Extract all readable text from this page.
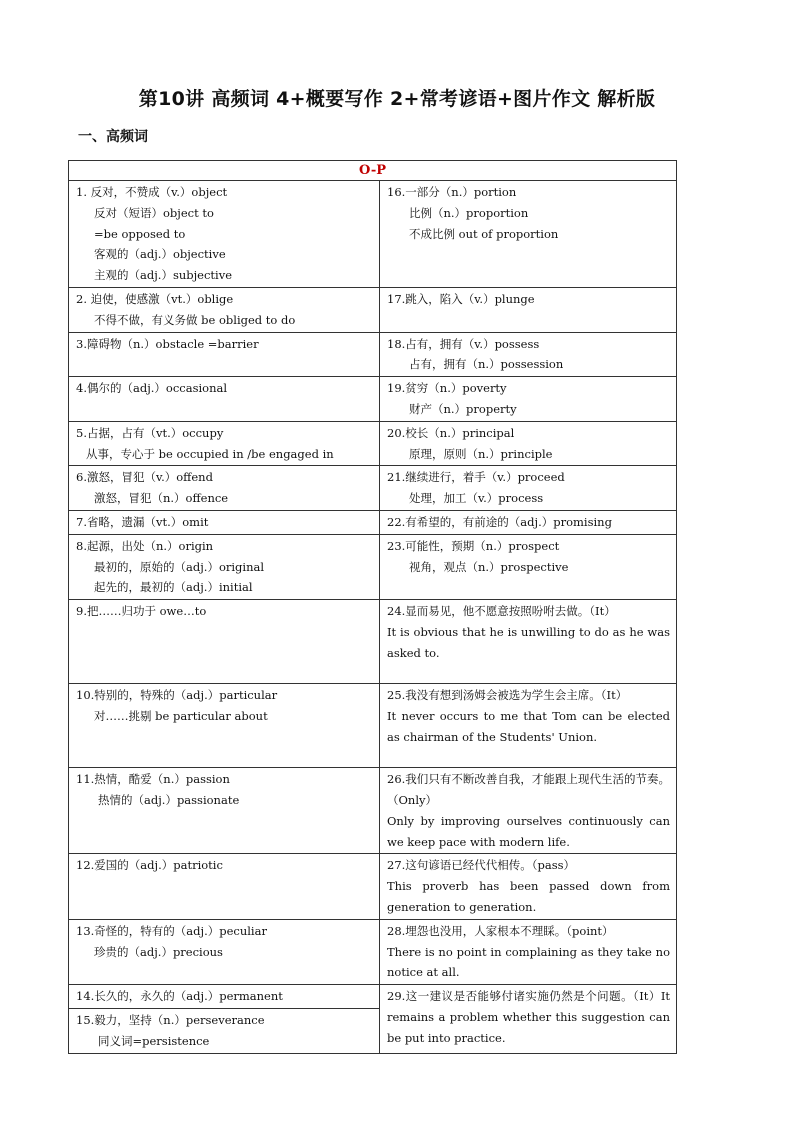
第10讲 高频词 4+概要写作 2+常考谚语+图片作文 解析版
一、高频词
O-P	

1. 反对，不赞成（v.）object
反对（短语）object to
=be opposed to
客观的（adj.）objective
主观的（adj.）subjective	16.一部分（n.）portion
比例（n.）proportion
不成比例 out of proportion

2. 迫使，使感激（vt.）oblige
不得不做，有义务做 be obliged to do	17.跳入，陷入（v.）plunge

3.障碍物（n.）obstacle =barrier	18.占有，拥有（v.）possess
占有，拥有（n.）possession

4.偶尔的（adj.）occasional	19.贫穷（n.）poverty
财产（n.）property

5.占据，占有（vt.）occupy
从事，专心于 be occupied in /be engaged in	20.校长（n.）principal
原理，原则（n.）principle

6.激怒，冒犯（v.）offend
激怒，冒犯（n.）offence	21.继续进行，着手（v.）proceed
处理，加工（v.）process

7.省略，遗漏（vt.）omit	22.有希望的，有前途的（adj.）promising

8.起源，出处（n.）origin
最初的，原始的（adj.）original
起先的，最初的（adj.）initial	23.可能性，预期（n.）prospect
视角，观点（n.）prospective

9.把……归功于 owe…to	24.显而易见，他不愿意按照吩咐去做。（It）
It is obvious that he is unwilling to do as he was asked to.

10.特别的，特殊的（adj.）particular
对……挑剔 be particular about	25.我没有想到汤姆会被选为学生会主席。（It）
It never occurs to me that Tom can be elected as chairman of the Students' Union.

11.热情，酷爱（n.）passion
热情的（adj.）passionate	26.我们只有不断改善自我，才能跟上现代生活的节奏。（Only）
Only by improving ourselves continuously can we keep pace with modern life.

12.爱国的（adj.）patriotic	27.这句谚语已经代代相传。（pass）
This proverb has been passed down from generation to generation.

13.奇怪的，特有的（adj.）peculiar
珍贵的（adj.）precious	28.埋怨也没用，人家根本不理睬。（point）
There is no point in complaining as they take no notice at all.

14.长久的，永久的（adj.）permanent	29.这一建议是否能够付诸实施仍然是个问题。（It）It remains a problem whether this suggestion can be put into practice.

15.毅力，坚持（n.）perseverance
同义词=persistence	
